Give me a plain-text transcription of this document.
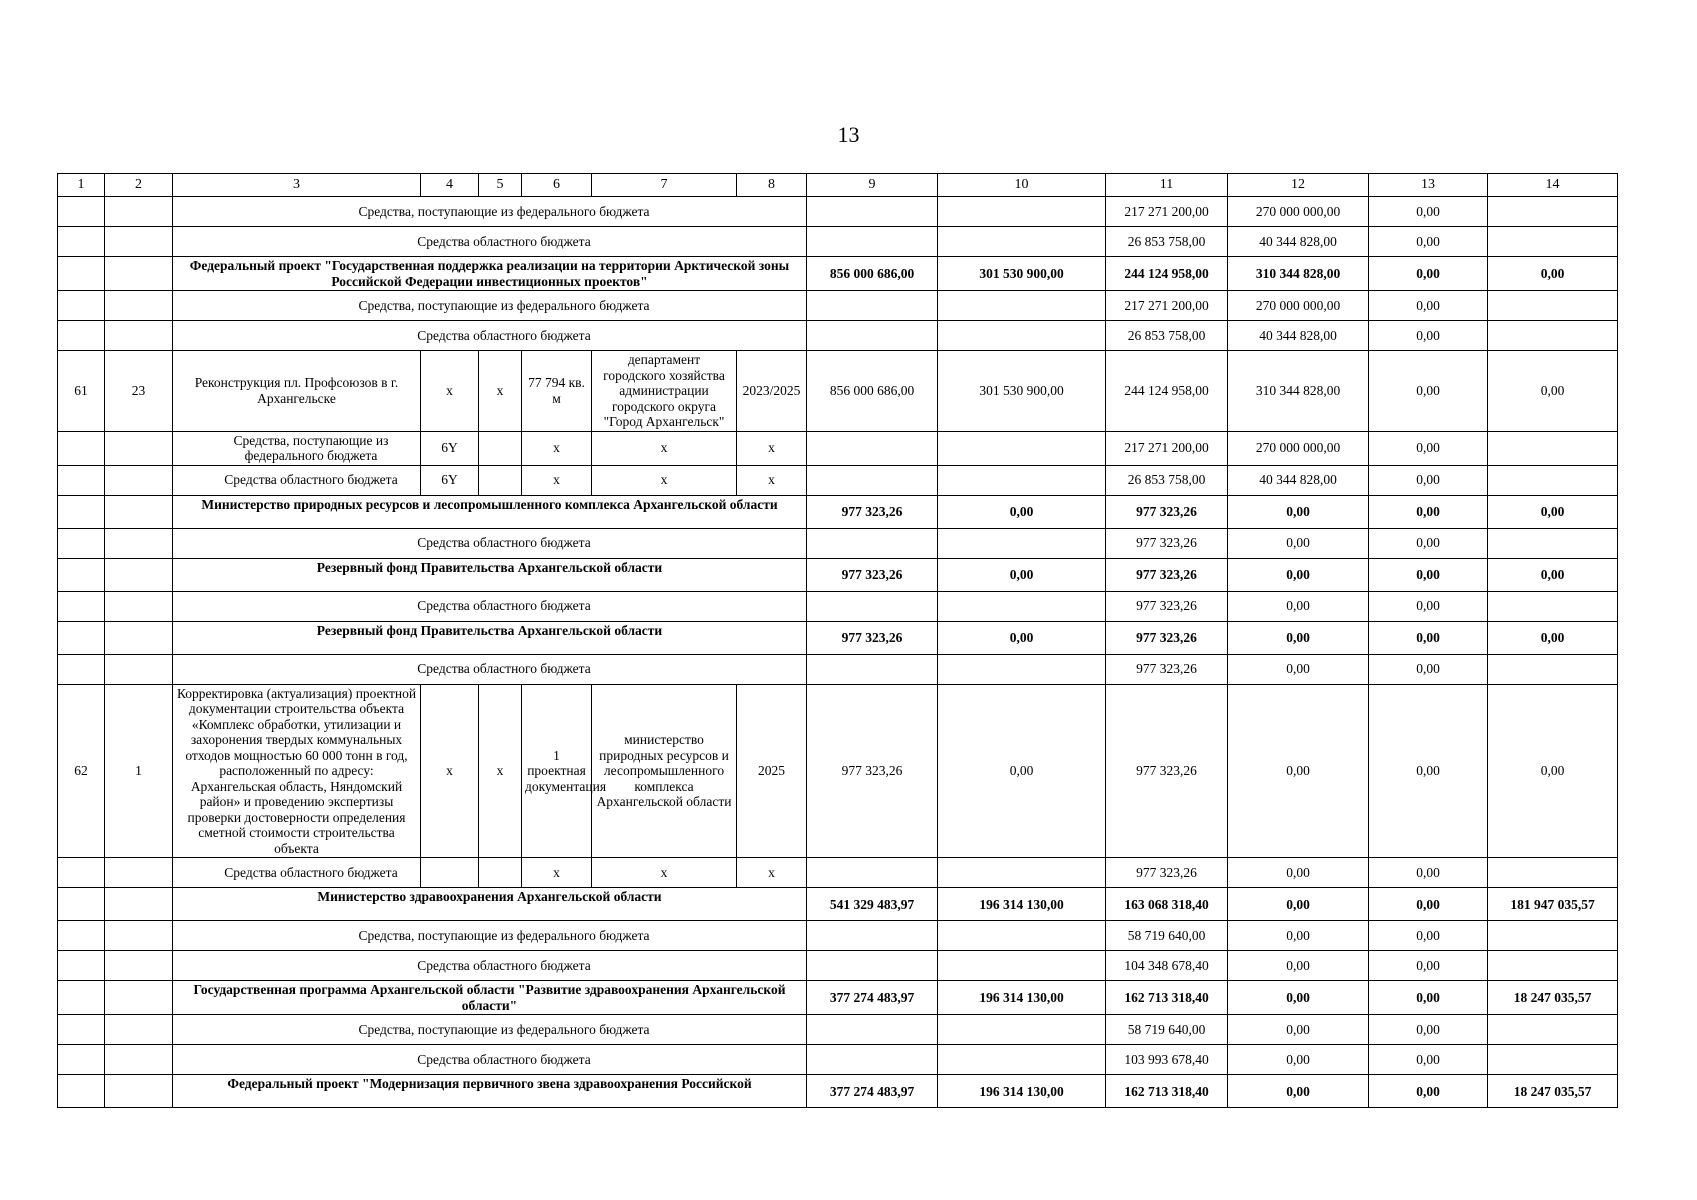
13
1	2	3	4	5	6	7	8	9	10	11	12	13	14
		Средства, поступающие из федерального бюджета								217 271 200,00	270 000 000,00	0,00	
		Средства областного бюджета								26 853 758,00	40 344 828,00	0,00	
		Федеральный проект "Государственная поддержка реализации на территории Арктической зоны Российской Федерации инвестиционных проектов"						856 000 686,00	301 530 900,00	244 124 958,00	310 344 828,00	0,00	0,00
		Средства, поступающие из федерального бюджета								217 271 200,00	270 000 000,00	0,00	
		Средства областного бюджета								26 853 758,00	40 344 828,00	0,00	
61	23	Реконструкция пл. Профсоюзов в г. Архангельске	х	х	77 794 кв. м	департамент городского хозяйства администрации городского округа "Город Архангельск"	2023/2025	856 000 686,00	301 530 900,00	244 124 958,00	310 344 828,00	0,00	0,00
		Средства, поступающие из федерального бюджета	6Y		х	х	х			217 271 200,00	270 000 000,00	0,00	
		Средства областного бюджета	6Y		х	х	х			26 853 758,00	40 344 828,00	0,00	
		Министерство природных ресурсов и лесопромышленного комплекса Архангельской области						977 323,26	0,00	977 323,26	0,00	0,00	0,00
		Средства областного бюджета								977 323,26	0,00	0,00	
		Резервный фонд Правительства Архангельской области						977 323,26	0,00	977 323,26	0,00	0,00	0,00
		Средства областного бюджета								977 323,26	0,00	0,00	
		Резервный фонд Правительства Архангельской области						977 323,26	0,00	977 323,26	0,00	0,00	0,00
		Средства областного бюджета								977 323,26	0,00	0,00	
62	1	Корректировка (актуализация) проектной документации строительства объекта «Комплекс обработки, утилизации и захоронения твердых коммунальных отходов мощностью 60 000 тонн в год, расположенный по адресу: Архангельская область, Няндомский район» и проведению экспертизы проверки достоверности определения сметной стоимости строительства объекта	х	х	1 проектная документация	министерство природных ресурсов и лесопромышленного комплекса Архангельской области	2025	977 323,26	0,00	977 323,26	0,00	0,00	0,00
		Средства областного бюджета			х	х	х			977 323,26	0,00	0,00	
		Министерство здравоохранения Архангельской области						541 329 483,97	196 314 130,00	163 068 318,40	0,00	0,00	181 947 035,57
		Средства, поступающие из федерального бюджета								58 719 640,00	0,00	0,00	
		Средства областного бюджета								104 348 678,40	0,00	0,00	
		Государственная программа Архангельской области "Развитие здравоохранения Архангельской области"						377 274 483,97	196 314 130,00	162 713 318,40	0,00	0,00	18 247 035,57
		Средства, поступающие из федерального бюджета								58 719 640,00	0,00	0,00	
		Средства областного бюджета								103 993 678,40	0,00	0,00	
		Федеральный проект "Модернизация первичного звена здравоохранения Российской						377 274 483,97	196 314 130,00	162 713 318,40	0,00	0,00	18 247 035,57
